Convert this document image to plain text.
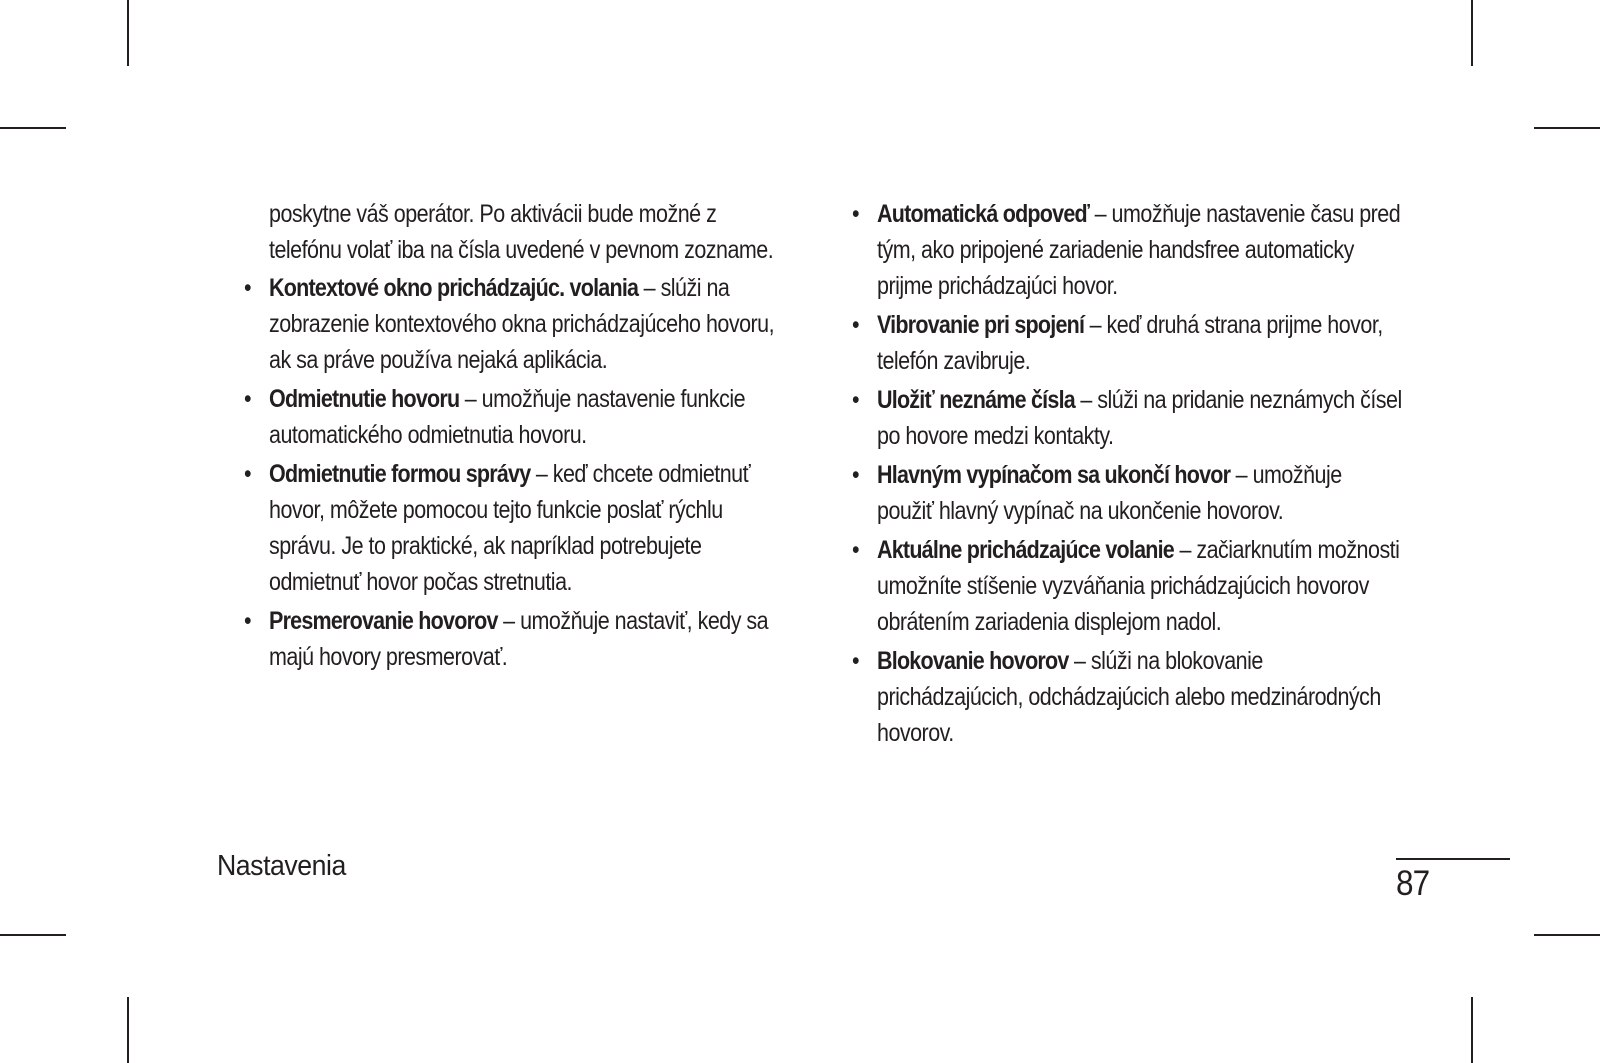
poskytne váš operátor. Po aktivácii bude možné z telefónu volať iba na čísla uvedené v pevnom zozname.

• Kontextové okno prichádzajúc. volania – slúži na zobrazenie kontextového okna prichádzajúceho hovoru, ak sa práve používa nejaká aplikácia.
• Odmietnutie hovoru – umožňuje nastavenie funkcie automatického odmietnutia hovoru.
• Odmietnutie formou správy – keď chcete odmietnuť hovor, môžete pomocou tejto funkcie poslať rýchlu správu. Je to praktické, ak napríklad potrebujete odmietnuť hovor počas stretnutia.
• Presmerovanie hovorov – umožňuje nastaviť, kedy sa majú hovory presmerovať.
• Automatická odpoveď – umožňuje nastavenie času pred tým, ako pripojené zariadenie handsfree automaticky prijme prichádzajúci hovor.
• Vibrovanie pri spojení – keď druhá strana prijme hovor, telefón zavibruje.
• Uložiť neznáme čísla – slúži na pridanie neznámych čísel po hovore medzi kontakty.
• Hlavným vypínačom sa ukončí hovor – umožňuje použiť hlavný vypínač na ukončenie hovorov.
• Aktuálne prichádzajúce volanie – začiarknutím možnosti umožníte stíšenie vyzváňania prichádzajúcich hovorov obrátením zariadenia displejom nadol.
• Blokovanie hovorov – slúži na blokovanie prichádzajúcich, odchádzajúcich alebo medzinárodných hovorov.
Nastavenia	87
